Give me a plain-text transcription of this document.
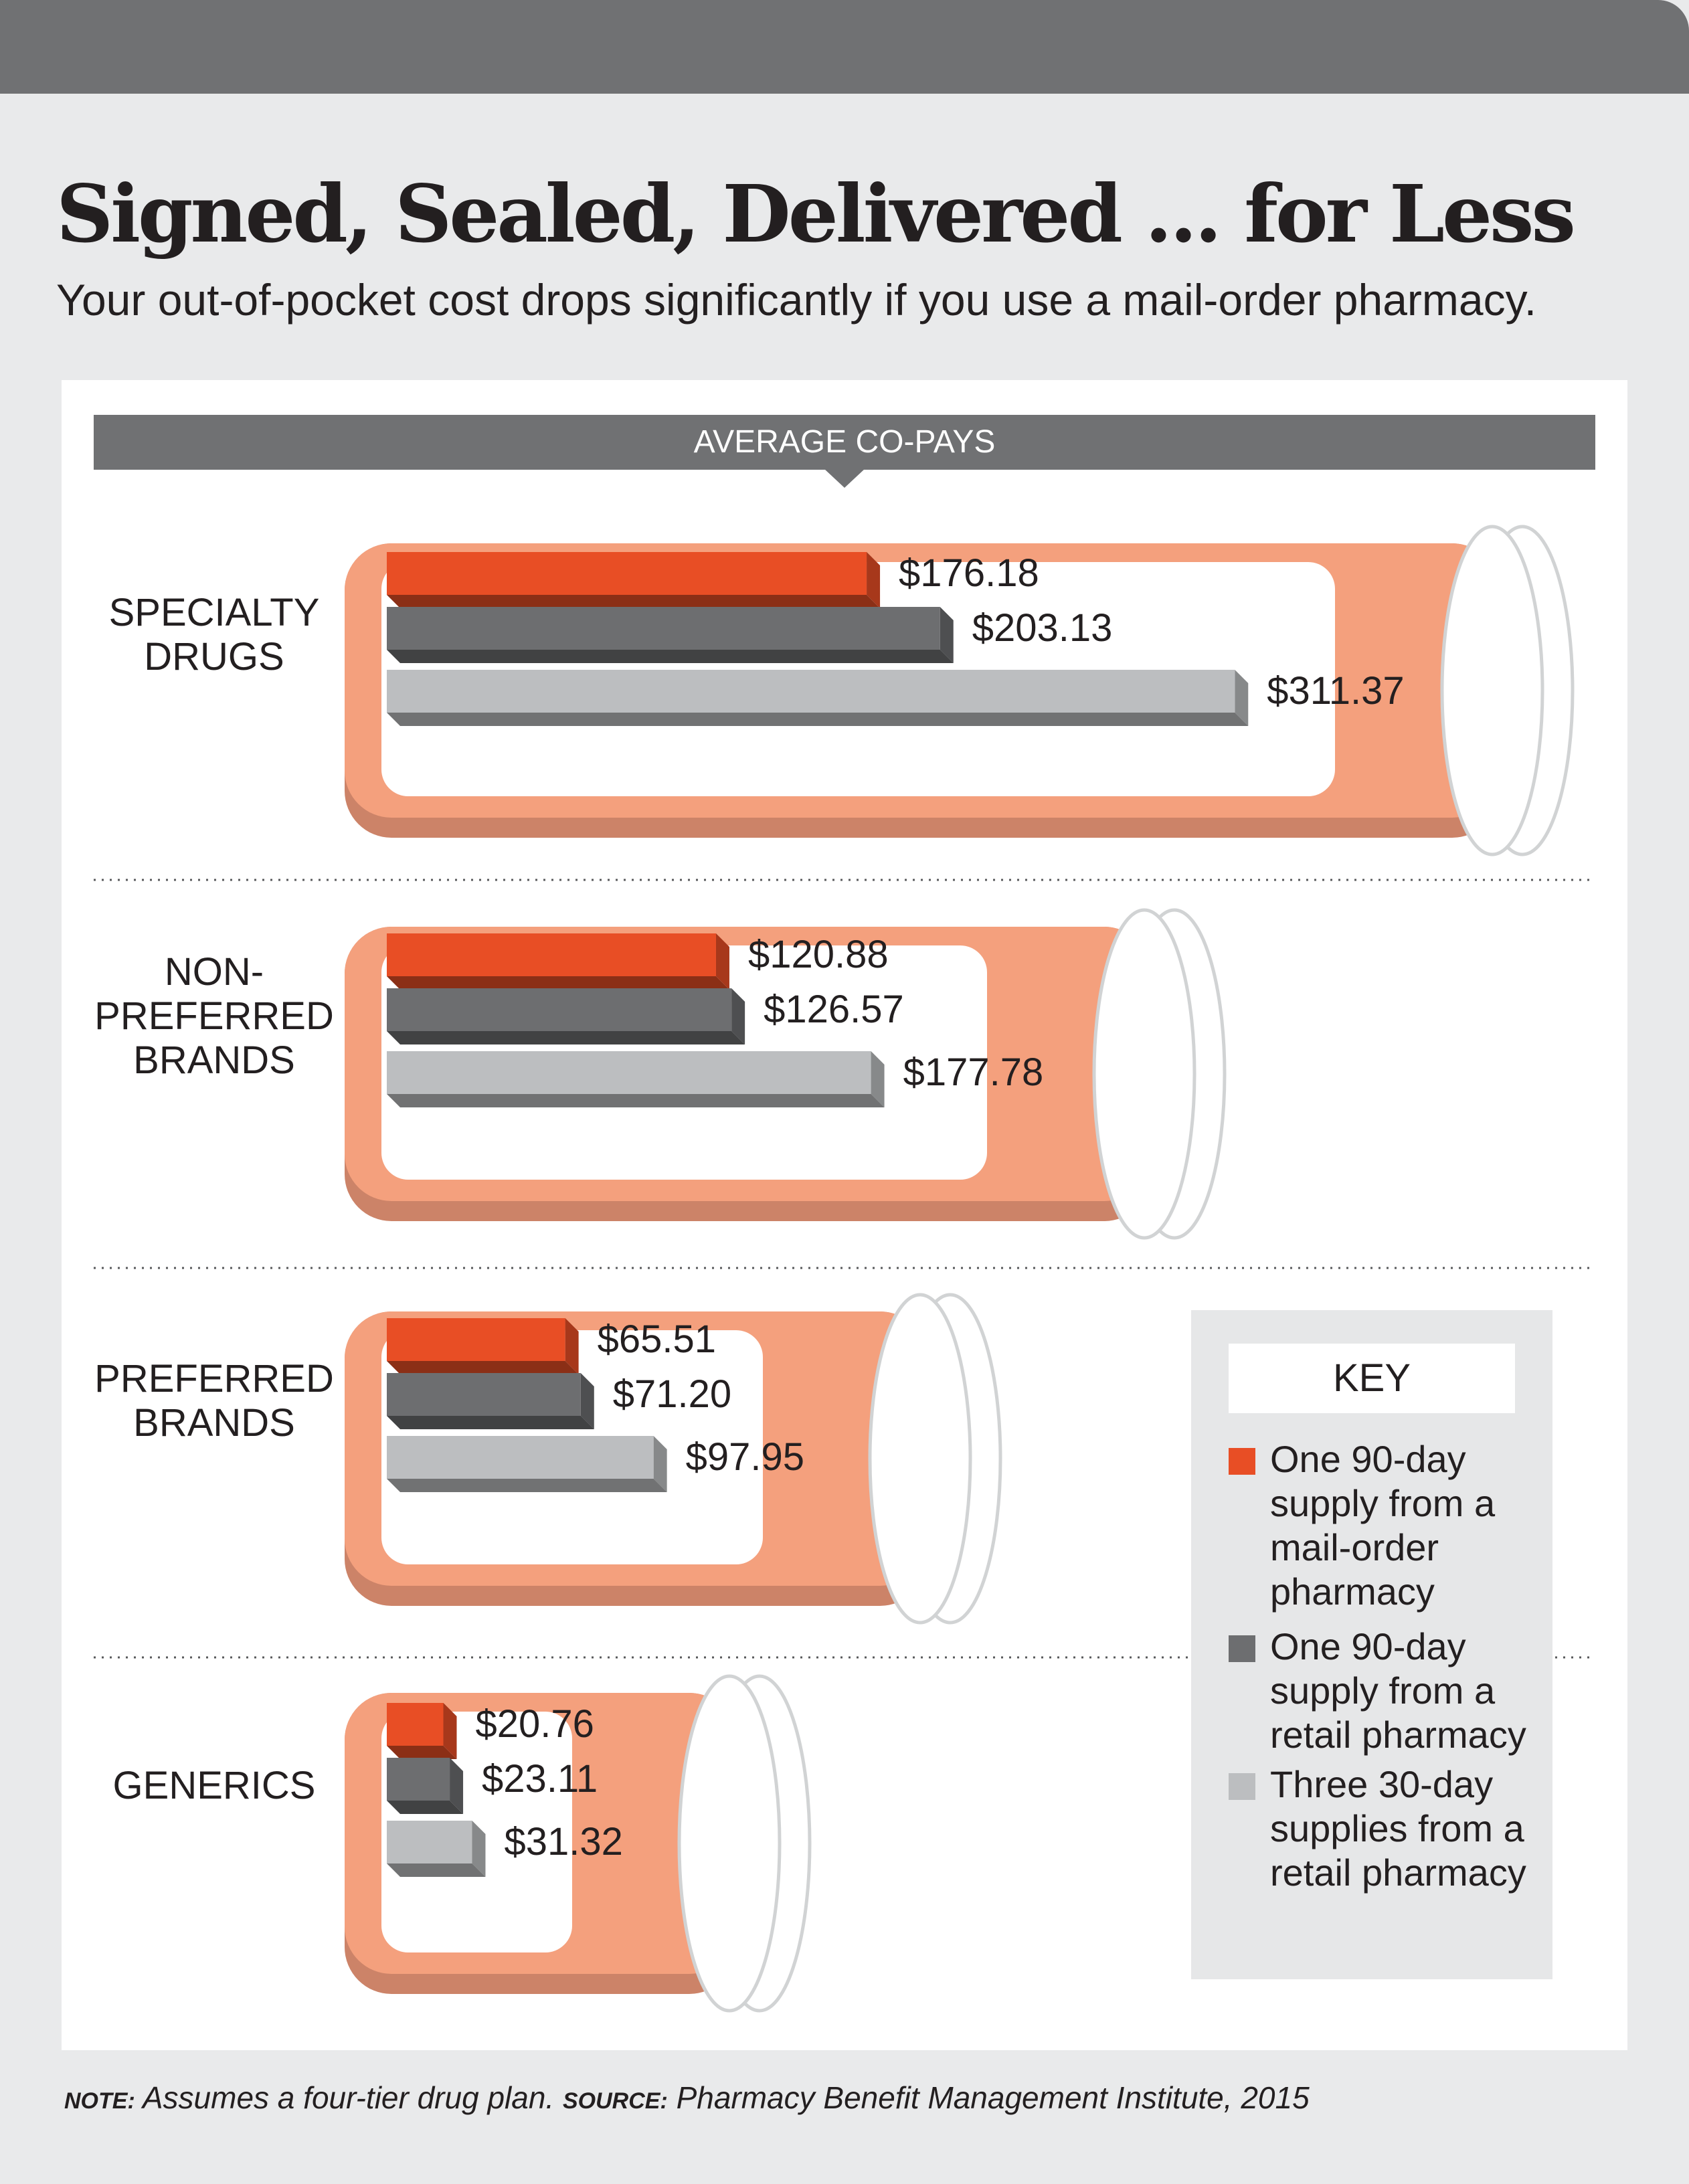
Signed, Sealed, Delivered ... for Less
Your out-of-pocket cost drops significantly if you use a mail-order pharmacy.
AVERAGE CO-PAYS
SPECIALTY
DRUGS
$176.18
$203.13
$311.37
NON-
PREFERRED
BRANDS
$120.88
$126.57
$177.78
PREFERRED
BRANDS
$65.51
$71.20
$97.95
GENERICS
$20.76
$23.11
$31.32
KEY
One 90-day supply from a mail-order pharmacy
One 90-day supply from a retail pharmacy
Three 30-day supplies from a retail pharmacy
NOTE: Assumes a four-tier drug plan. SOURCE: Pharmacy Benefit Management Institute, 2015
